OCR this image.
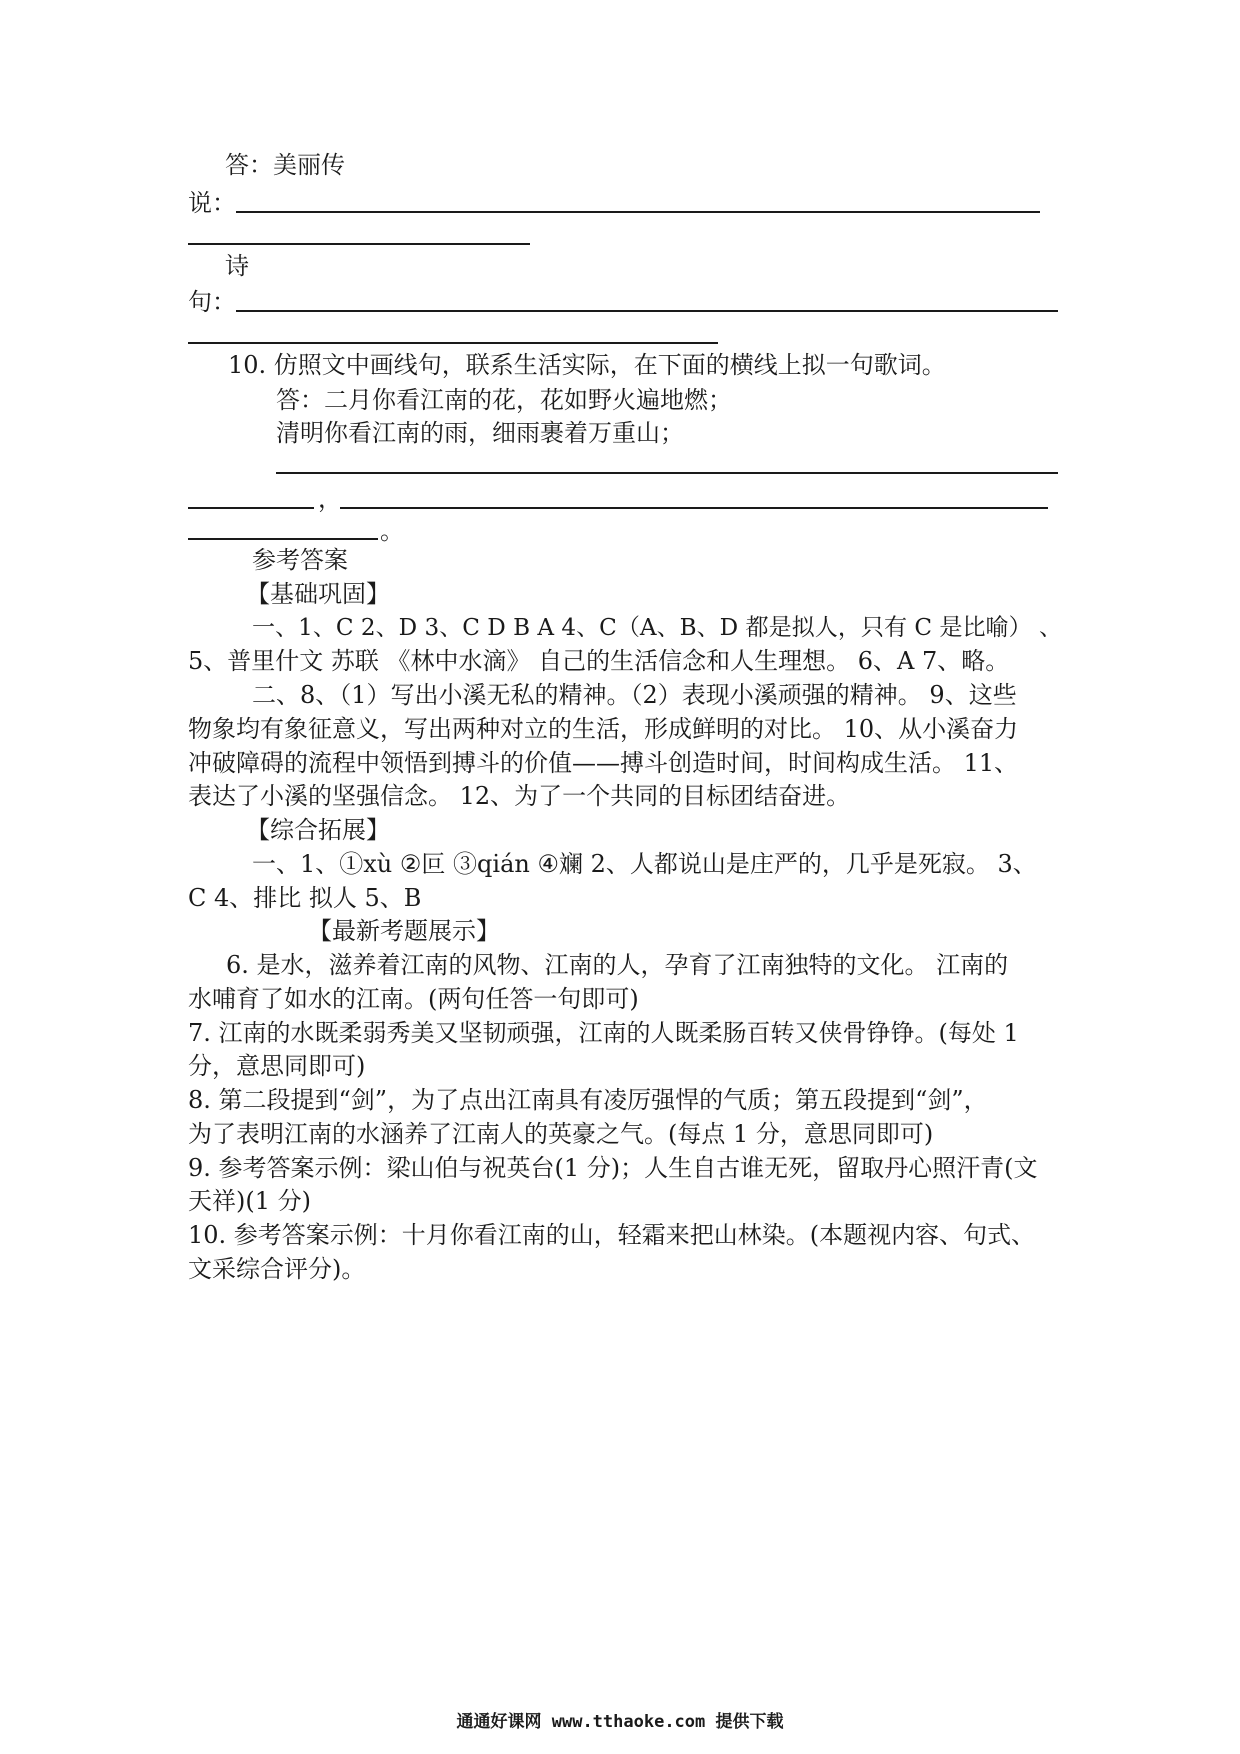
答：美丽传
说：
诗
句：
10. 仿照文中画线句，联系生活实际，在下面的横线上拟一句歌词。
答：二月你看江南的花，花如野火遍地燃；
清明你看江南的雨，细雨裹着万重山；
，
。
参考答案
【基础巩固】
一、1、C 2、D 3、C D B A 4、C（A、B、D 都是拟人，只有 C 是比喻） 、
5、普里什文 苏联 《林中水滴》 自己的生活信念和人生理想。 6、A 7、略。
二、8、（1）写出小溪无私的精神。（2）表现小溪顽强的精神。 9、这些
物象均有象征意义，写出两种对立的生活，形成鲜明的对比。 10、从小溪奋力
冲破障碍的流程中领悟到搏斗的价值——搏斗创造时间，时间构成生活。 11、
表达了小溪的坚强信念。 12、为了一个共同的目标团结奋进。
【综合拓展】
一、1、①xù ②叵 ③qián ④斓 2、人都说山是庄严的，几乎是死寂。 3、
C 4、排比 拟人 5、B
【最新考题展示】
6. 是水，滋养着江南的风物、江南的人，孕育了江南独特的文化。 江南的
水哺育了如水的江南。(两句任答一句即可)
7. 江南的水既柔弱秀美又坚韧顽强，江南的人既柔肠百转又侠骨铮铮。(每处 1
分，意思同即可)
8. 第二段提到“剑”，为了点出江南具有凌厉强悍的气质；第五段提到“剑”，
为了表明江南的水涵养了江南人的英豪之气。(每点 1 分，意思同即可)
9. 参考答案示例：梁山伯与祝英台(1 分)；人生自古谁无死，留取丹心照汗青(文
天祥)(1 分)
10. 参考答案示例：十月你看江南的山，轻霜来把山林染。(本题视内容、句式、
文采综合评分)。
通通好课网 www.tthaoke.com 提供下载
